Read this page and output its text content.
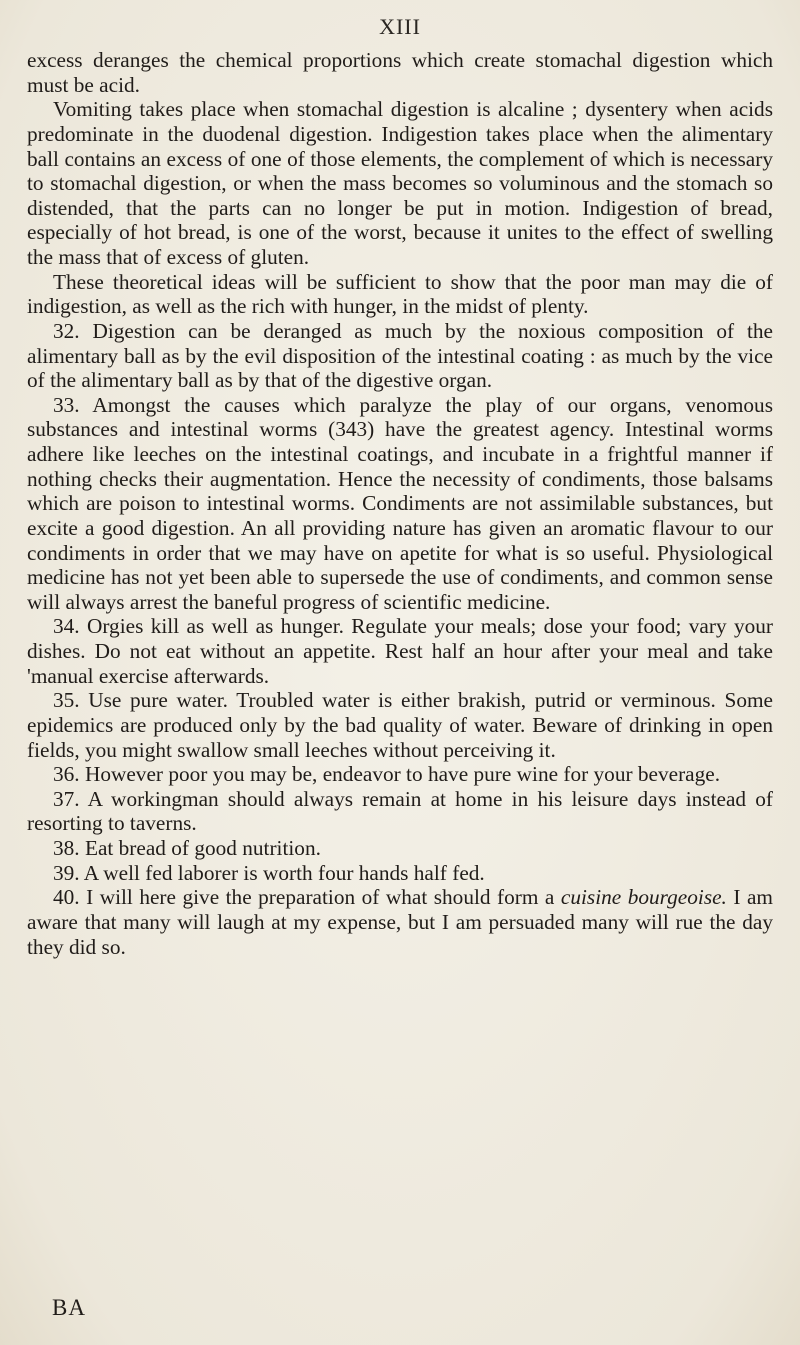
XIII

excess deranges the chemical proportions which create stomachal digestion which must be acid.

Vomiting takes place when stomachal digestion is alcaline ; dysentery when acids predominate in the duodenal digestion. Indigestion takes place when the alimentary ball contains an excess of one of those elements, the complement of which is necessary to stomachal digestion, or when the mass becomes so voluminous and the stomach so distended, that the parts can no longer be put in motion. Indigestion of bread, especially of hot bread, is one of the worst, because it unites to the effect of swelling the mass that of excess of gluten.

These theoretical ideas will be sufficient to show that the poor man may die of indigestion, as well as the rich with hunger, in the midst of plenty.

32. Digestion can be deranged as much by the noxious composition of the alimentary ball as by the evil disposition of the intestinal coating : as much by the vice of the alimentary ball as by that of the digestive organ.

33. Amongst the causes which paralyze the play of our organs, venomous substances and intestinal worms (343) have the greatest agency. Intestinal worms adhere like leeches on the intestinal coatings, and incubate in a frightful manner if nothing checks their augmentation. Hence the necessity of condiments, those balsams which are poison to intestinal worms. Condiments are not assimilable substances, but excite a good digestion. An all providing nature has given an aromatic flavour to our condiments in order that we may have on apetite for what is so useful. Physiological medicine has not yet been able to supersede the use of condiments, and common sense will always arrest the baneful progress of scientific medicine.

34. Orgies kill as well as hunger. Regulate your meals; dose your food; vary your dishes. Do not eat without an appetite. Rest half an hour after your meal and take 'manual exercise afterwards.

35. Use pure water. Troubled water is either brakish, putrid or verminous. Some epidemics are produced only by the bad quality of water. Beware of drinking in open fields, you might swallow small leeches without perceiving it.

36. However poor you may be, endeavor to have pure wine for your beverage.

37. A workingman should always remain at home in his leisure days instead of resorting to taverns.

38. Eat bread of good nutrition.

39. A well fed laborer is worth four hands half fed.

40. I will here give the preparation of what should form a cuisine bourgeoise. I am aware that many will laugh at my expense, but I am persuaded many will rue the day they did so.

BA
